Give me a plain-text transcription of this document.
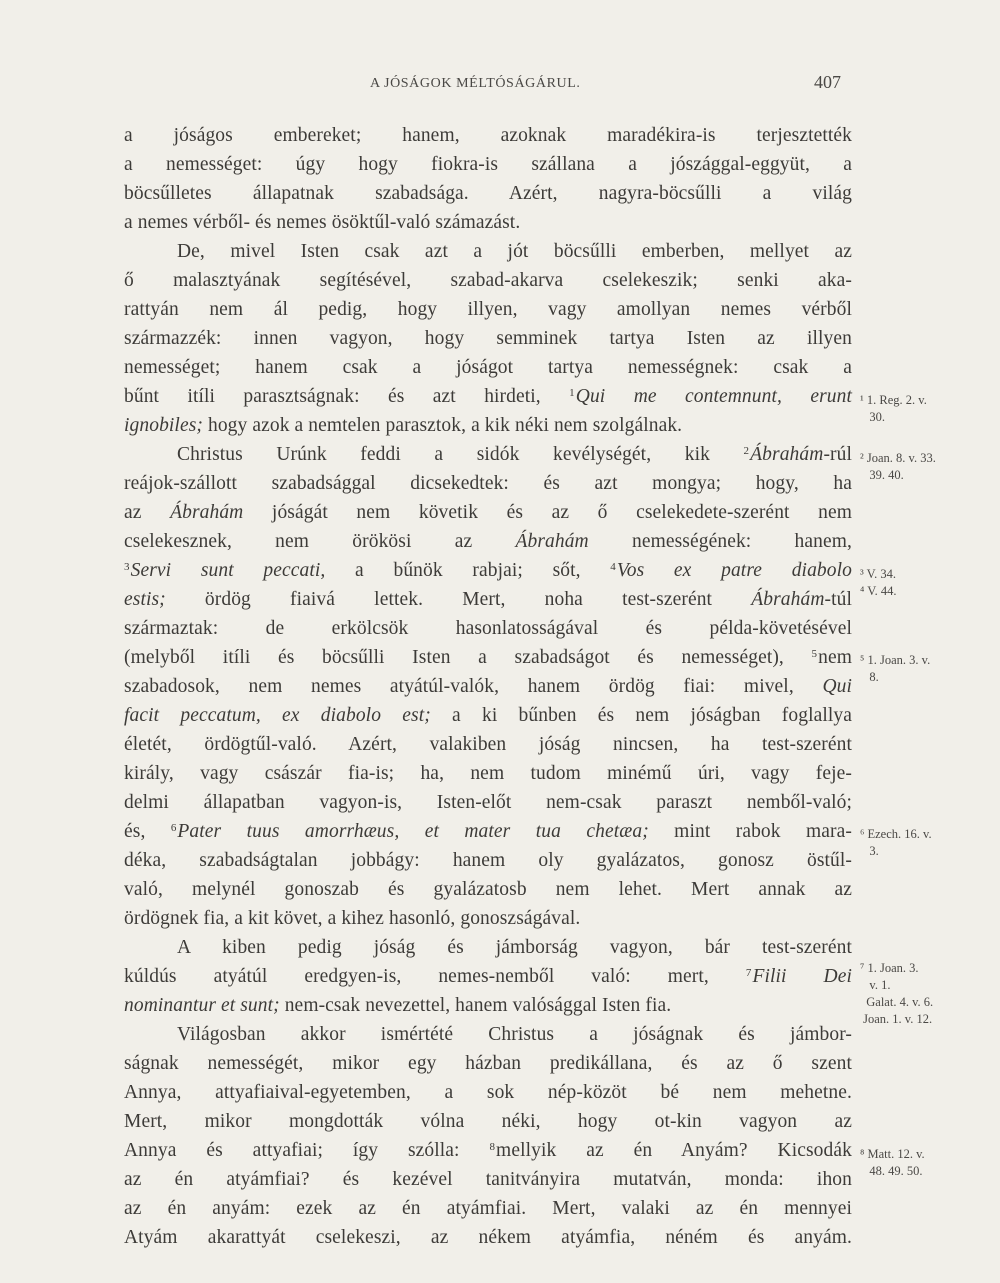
A JÓSÁGOK MÉLTÓSÁGÁRUL.	407
a jóságos embereket; hanem, azoknak maradékira-is terjesztették
a nemességet: úgy hogy fiokra-is szállana a jószággal-eggyüt, a
böcsűlletes állapatnak szabadsága. Azért, nagyra-böcsűlli a világ
a nemes vérből- és nemes ösöktűl-való számazást.
De, mivel Isten csak azt a jót böcsűlli emberben, mellyet az
ő malasztyának segítésével, szabad-akarva cselekeszik; senki aka-
rattyán nem ál pedig, hogy illyen, vagy amollyan nemes vérből
származzék: innen vagyon, hogy semminek tartya Isten az illyen
nemességet; hanem csak a jóságot tartya nemességnek: csak a
bűnt itíli parasztságnak: és azt hirdeti, $^1$Qui me contemnunt, erunt
ignobiles; hogy azok a nemtelen parasztok, a kik néki nem szolgálnak.
Christus Urúnk feddi a sidók kevélységét, kik $^2$Ábrahám-rúl
reájok-szállott szabadsággal dicsekedtek: és azt mongya; hogy, ha
az Ábrahám jóságát nem követik és az ő cselekedete-szerént nem
cselekesznek, nem örökösi az Ábrahám nemességének: hanem,
$^3$Servi sunt peccati, a bűnök rabjai; sőt, $^4$Vos ex patre diabolo
estis; ördög fiaivá lettek. Mert, noha test-szerént Ábrahám-túl
származtak: de erkölcsök hasonlatosságával és példa-követésével
(melyből itíli és böcsűlli Isten a szabadságot és nemességet), $^5$nem
szabadosok, nem nemes atyátúl-valók, hanem ördög fiai: mivel, Qui
facit peccatum, ex diabolo est; a ki bűnben és nem jóságban foglallya
életét, ördögtűl-való. Azért, valakiben jóság nincsen, ha test-szerént
király, vagy császár fia-is; ha, nem tudom minémű úri, vagy feje-
delmi állapatban vagyon-is, Isten-előt nem-csak paraszt nemből-való;
és, $^6$Pater tuus amorrhæus, et mater tua chetæa; mint rabok mara-
déka, szabadságtalan jobbágy: hanem oly gyalázatos, gonosz östűl-
való, melynél gonoszab és gyalázatosb nem lehet. Mert annak az
ördögnek fia, a kit követ, a kihez hasonló, gonoszságával.
A kiben pedig jóság és jámborság vagyon, bár test-szerént
kúldús atyátúl eredgyen-is, nemes-nemből való: mert, $^7$Filii Dei
nominantur et sunt; nem-csak nevezettel, hanem valósággal Isten fia.
Világosban akkor ismértété Christus a jóságnak és jámbor-
ságnak nemességét, mikor egy házban predikállana, és az ő szent
Annya, attyafiaival-egyetemben, a sok nép-közöt bé nem mehetne.
Mert, mikor mongdották vólna néki, hogy ot-kin vagyon az
Annya és attyafiai; így szólla: $^8$mellyik az én Anyám? Kicsodák
az én atyámfiai? és kezével tanitványira mutatván, monda: ihon
az én anyám: ezek az én atyámfiai. Mert, valaki az én mennyei
Atyám akarattyát cselekeszi, az nékem atyámfia, néném és anyám.
¹ 1. Reg. 2. v.
30.
² Joan. 8. v. 33.
39. 40.
³ V. 34.
⁴ V. 44.
⁵ 1. Joan. 3. v.
8.
⁶ Ezech. 16. v.
3.
⁷ 1. Joan. 3.
v. 1.
Galat. 4. v. 6.
Joan. 1. v. 12.
⁸ Matt. 12. v.
48. 49. 50.
